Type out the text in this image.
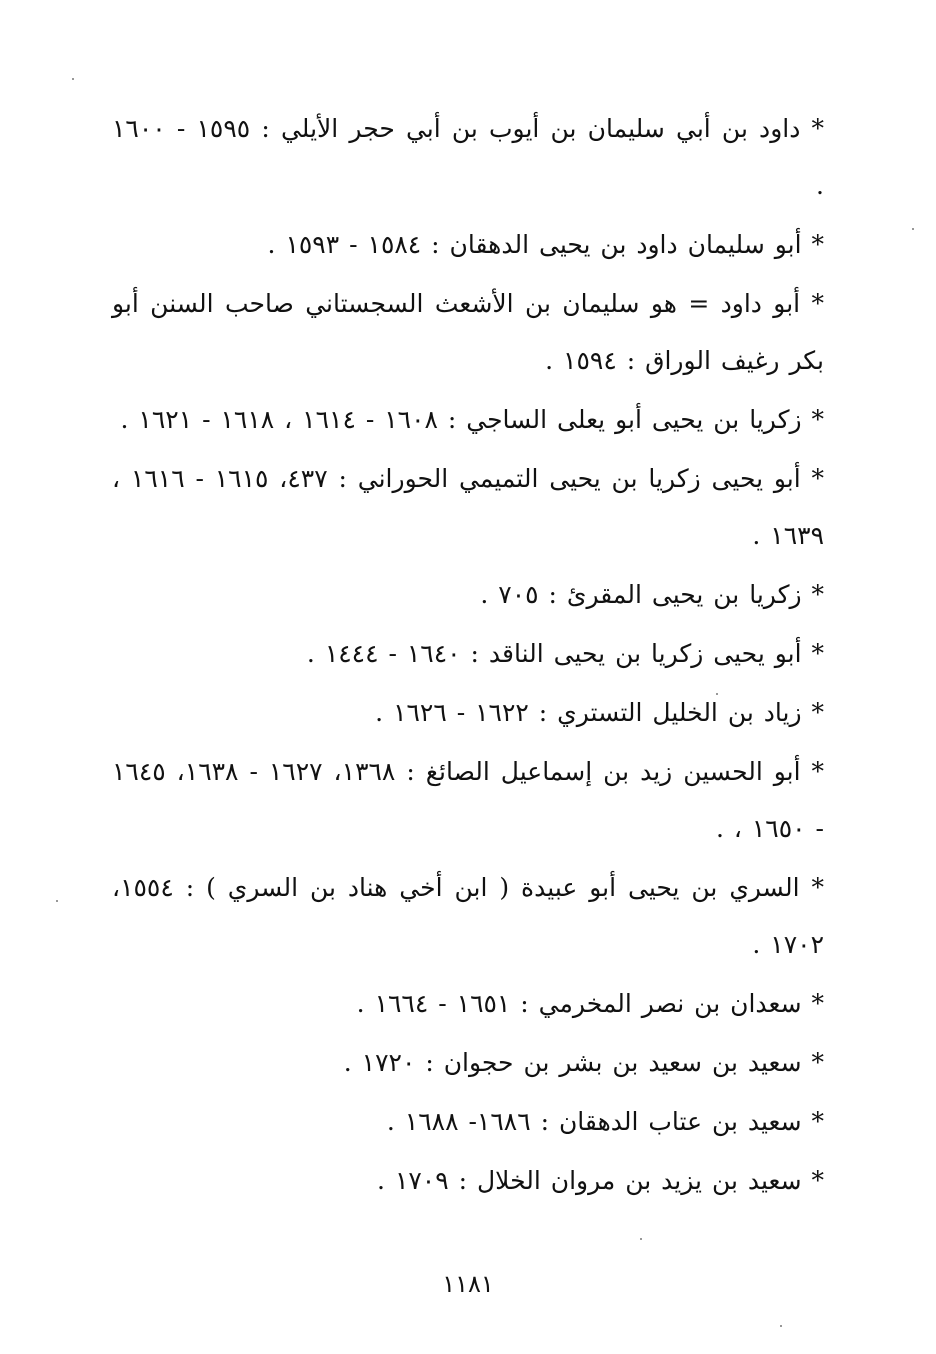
* داود بن أبي سليمان بن أيوب بن أبي حجر الأيلي : ١٥٩٥ - ١٦٠٠ .

* أبو سليمان داود بن يحيى الدهقان : ١٥٨٤ - ١٥٩٣ .

* أبو داود = هو سليمان بن الأشعث السجستاني صاحب السنن أبو بكر رغيف الوراق : ١٥٩٤ .

* زكريا بن يحيى أبو يعلى الساجي : ١٦٠٨ - ١٦١٤ ، ١٦١٨ - ١٦٢١ .

* أبو يحيى زكريا بن يحيى التميمي الحوراني : ٤٣٧، ١٦١٥ - ١٦١٦ ، ١٦٣٩ .

* زكريا بن يحيى المقرئ : ٧٠٥ .

* أبو يحيى زكريا بن يحيى الناقد : ١٦٤٠ - ١٤٤٤ .

* زياد بن الخليل التستري : ١٦٢٢ - ١٦٢٦ .

* أبو الحسين زيد بن إسماعيل الصائغ : ١٣٦٨، ١٦٢٧ - ١٦٣٨، ١٦٤٥ - ١٦٥٠ ، .

* السري بن يحيى أبو عبيدة ( ابن أخي هناد بن السري ) : ١٥٥٤، ١٧٠٢ .

* سعدان بن نصر المخرمي : ١٦٥١ - ١٦٦٤ .

* سعيد بن سعيد بن بشر بن حجوان : ١٧٢٠ .

* سعيد بن عتاب الدهقان : ١٦٨٦- ١٦٨٨ .

* سعيد بن يزيد بن مروان الخلال : ١٧٠٩ .

١١٨١
